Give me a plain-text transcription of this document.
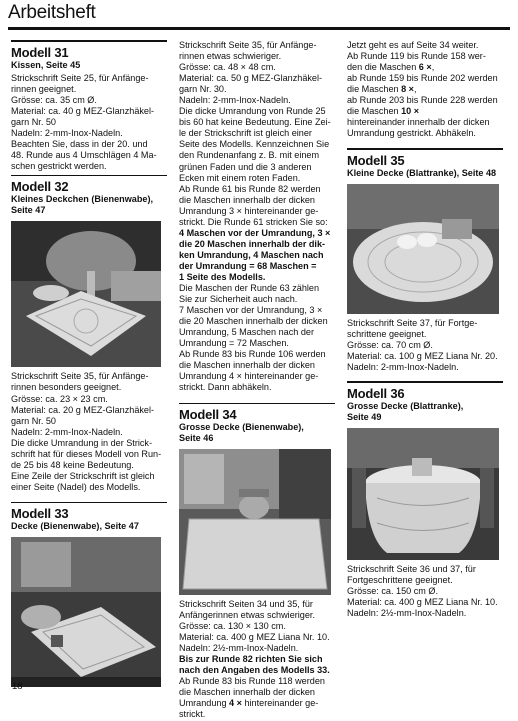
Arbeitsheft
Modell 31
Kissen, Seite 45

Strickschrift Seite 25, für Anfänge-

rinnen geeignet.

Grösse: ca. 35 cm Ø.

Material: ca. 40 g MEZ-Glanzhäkel-

garn Nr. 50

Nadeln: 2-mm-Inox-Nadeln.

Beachten Sie, dass in der 20. und

48. Runde aus 4 Umschlägen 4 Ma-

schen gestrickt werden.

Modell 32
Kleines Deckchen (Bienenwabe),
Seite 47

Strickschrift Seite 35, für Anfänge-

rinnen besonders geeignet.

Grösse: ca. 23 × 23 cm.

Material: ca. 20 g MEZ-Glanzhäkel-

garn Nr. 50

Nadeln: 2-mm-Inox-Nadeln.

Die dicke Umrandung in der Strick-

schrift hat für dieses Modell von Run-

de 25 bis 48 keine Bedeutung.

Eine Zeile der Strickschrift ist gleich

einer Seite (Nadel) des Modells.

Modell 33
Decke (Bienenwabe), Seite 47

Strickschrift Seite 35, für Anfänge-

rinnen etwas schwieriger.

Grösse: ca. 48 × 48 cm.

Material: ca. 50 g MEZ-Glanzhäkel-

garn Nr. 30.

Nadeln: 2-mm-Inox-Nadeln.

Die dicke Umrandung von Runde 25

bis 60 hat keine Bedeutung. Eine Zei-

le der Strickschrift ist gleich einer

Seite des Modells. Kennzeichnen Sie

den Rundenanfang z. B. mit einem

grünen Faden und die 3 anderen

Ecken mit einem roten Faden.

Ab Runde 61 bis Runde 82 werden

die Maschen innerhalb der dicken

Umrandung 3 × hintereinander ge-

strickt. Die Runde 61 stricken Sie so:

4 Maschen vor der Umrandung, 3 ×

die 20 Maschen innerhalb der dik-

ken Umrandung, 4 Maschen nach

der Umrandung = 68 Maschen =

1 Seite des Modells.

Die Maschen der Runde 63 zählen

Sie zur Sicherheit auch nach.

7 Maschen vor der Umrandung, 3 ×

die 20 Maschen innerhalb der dicken

Umrandung, 5 Maschen nach der

Umrandung = 72 Maschen.

Ab Runde 83 bis Runde 106 werden

die Maschen innerhalb der dicken

Umrandung 4 × hintereinander ge-

strickt. Dann abhäkeln.

Modell 34
Grosse Decke (Bienenwabe),
Seite 46

Strickschrift Seiten 34 und 35, für

Anfängerinnen etwas schwieriger.

Grösse: ca. 130 × 130 cm.

Material: ca. 400 g MEZ Liana Nr. 10.

Nadeln: 2½-mm-Inox-Nadeln.

Bis zur Runde 82 richten Sie sich

nach den Angaben des Modells 33.

Ab Runde 83 bis Runde 118 werden

die Maschen innerhalb der dicken

Umrandung 4 × hintereinander ge-

strickt.

Jetzt geht es auf Seite 34 weiter.

Ab Runde 119 bis Runde 158 wer-

den die Maschen 6 ×,

ab Runde 159 bis Runde 202 werden

die Maschen 8 ×,

ab Runde 203 bis Runde 228 werden

die Maschen 10 ×

hintereinander innerhalb der dicken

Umrandung gestrickt. Abhäkeln.

Modell 35
Kleine Decke (Blattranke), Seite 48

Strickschrift Seite 37, für Fortge-

schrittene geeignet.

Grösse: ca. 70 cm Ø.

Material: ca. 100 g MEZ Liana Nr. 20.

Nadeln: 2-mm-Inox-Nadeln.

Modell 36
Grosse Decke (Blattranke),
Seite 49

Strickschrift Seite 36 und 37, für

Fortgeschrittene geeignet.

Grösse: ca. 150 cm Ø.

Material: ca. 400 g MEZ Liana Nr. 10.

Nadeln: 2½-mm-Inox-Nadeln.

18
